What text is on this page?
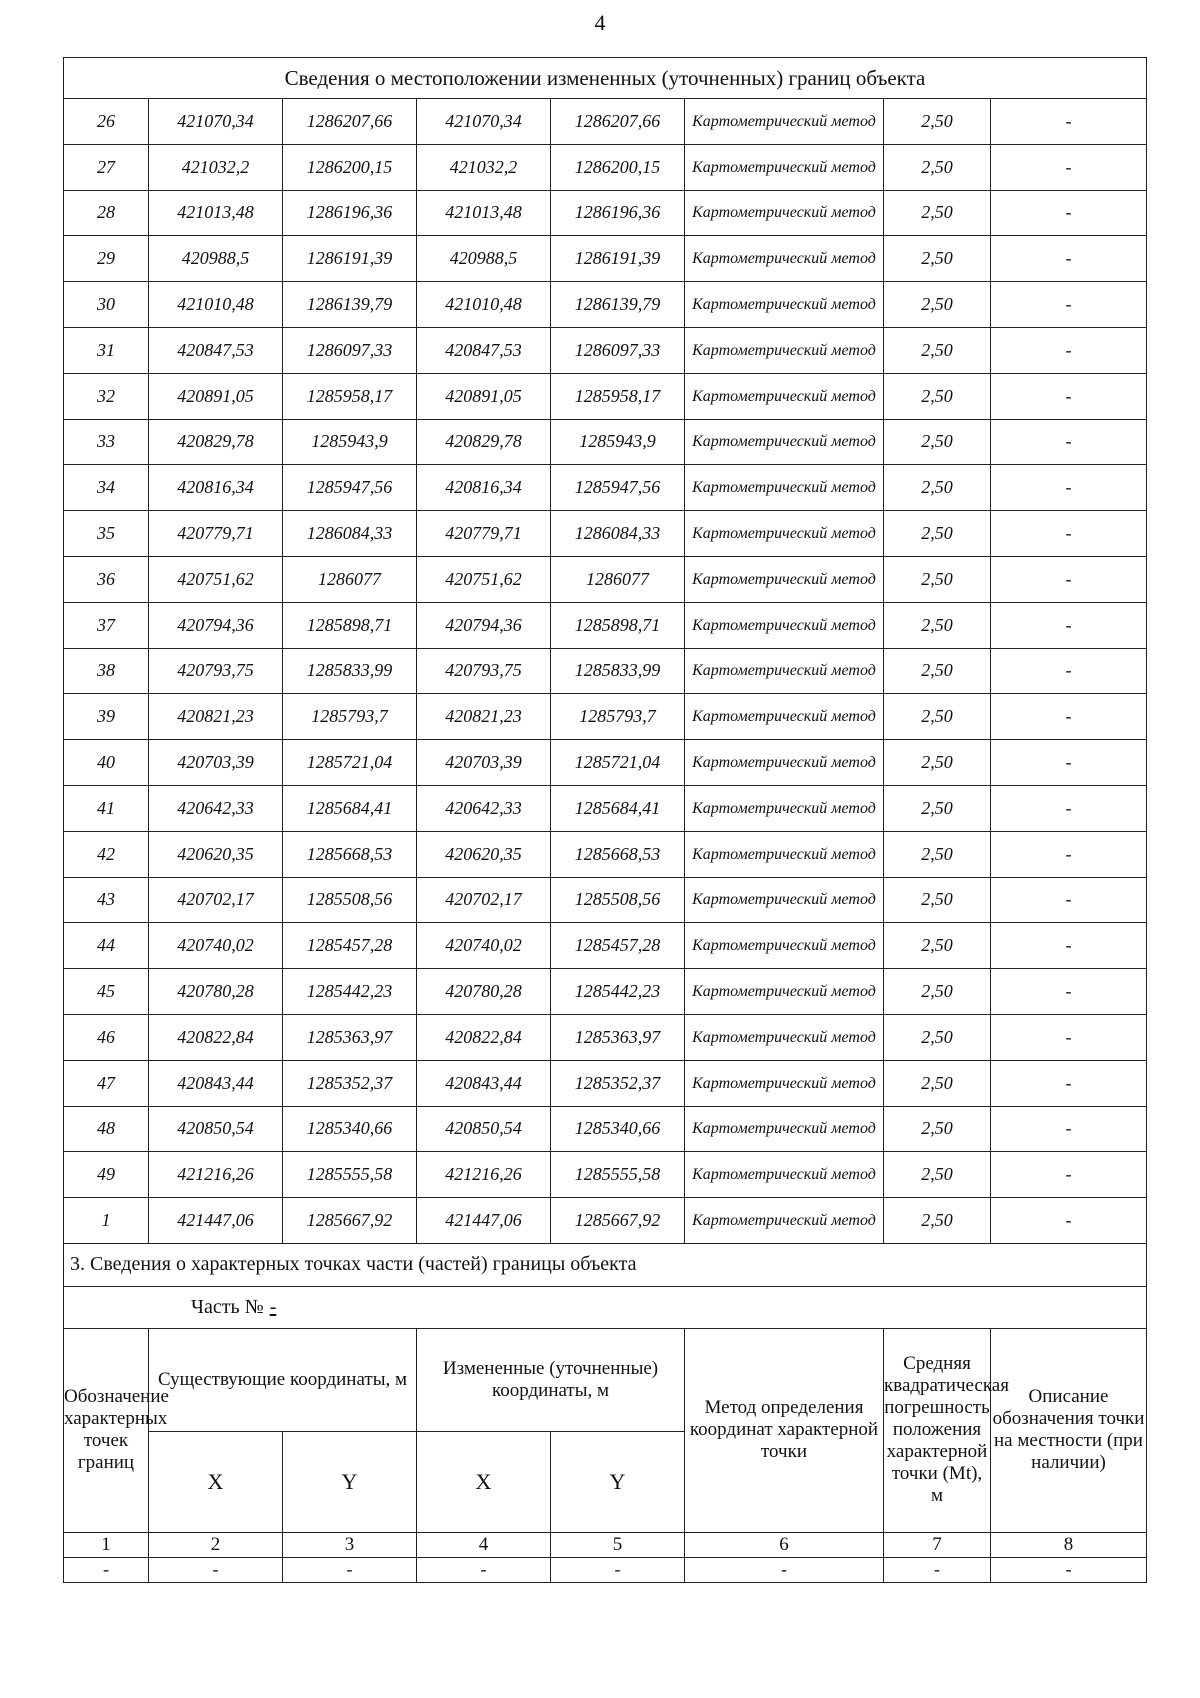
4
Сведения о местоположении измененных (уточненных) границ объекта							
26	421070,34	1286207,66	421070,34	1286207,66	Картометрический метод	2,50	-
27	421032,2	1286200,15	421032,2	1286200,15	Картометрический метод	2,50	-
28	421013,48	1286196,36	421013,48	1286196,36	Картометрический метод	2,50	-
29	420988,5	1286191,39	420988,5	1286191,39	Картометрический метод	2,50	-
30	421010,48	1286139,79	421010,48	1286139,79	Картометрический метод	2,50	-
31	420847,53	1286097,33	420847,53	1286097,33	Картометрический метод	2,50	-
32	420891,05	1285958,17	420891,05	1285958,17	Картометрический метод	2,50	-
33	420829,78	1285943,9	420829,78	1285943,9	Картометрический метод	2,50	-
34	420816,34	1285947,56	420816,34	1285947,56	Картометрический метод	2,50	-
35	420779,71	1286084,33	420779,71	1286084,33	Картометрический метод	2,50	-
36	420751,62	1286077	420751,62	1286077	Картометрический метод	2,50	-
37	420794,36	1285898,71	420794,36	1285898,71	Картометрический метод	2,50	-
38	420793,75	1285833,99	420793,75	1285833,99	Картометрический метод	2,50	-
39	420821,23	1285793,7	420821,23	1285793,7	Картометрический метод	2,50	-
40	420703,39	1285721,04	420703,39	1285721,04	Картометрический метод	2,50	-
41	420642,33	1285684,41	420642,33	1285684,41	Картометрический метод	2,50	-
42	420620,35	1285668,53	420620,35	1285668,53	Картометрический метод	2,50	-
43	420702,17	1285508,56	420702,17	1285508,56	Картометрический метод	2,50	-
44	420740,02	1285457,28	420740,02	1285457,28	Картометрический метод	2,50	-
45	420780,28	1285442,23	420780,28	1285442,23	Картометрический метод	2,50	-
46	420822,84	1285363,97	420822,84	1285363,97	Картометрический метод	2,50	-
47	420843,44	1285352,37	420843,44	1285352,37	Картометрический метод	2,50	-
48	420850,54	1285340,66	420850,54	1285340,66	Картометрический метод	2,50	-
49	421216,26	1285555,58	421216,26	1285555,58	Картометрический метод	2,50	-
1	421447,06	1285667,92	421447,06	1285667,92	Картометрический метод	2,50	-
3. Сведения о характерных точках части (частей) границы объекта							
Часть № -							
Обозначение характерных точек границ	Существующие координаты, м		Измененные (уточненные) координаты, м		Метод определения координат характерной точки	Средняя квадратическая погрешность положения характерной точки (Mt), м	Описание обозначения точки на местности (при наличии)
	X	Y	X	Y			
1	2	3	4	5	6	7	8
-	-	-	-	-	-	-	-
